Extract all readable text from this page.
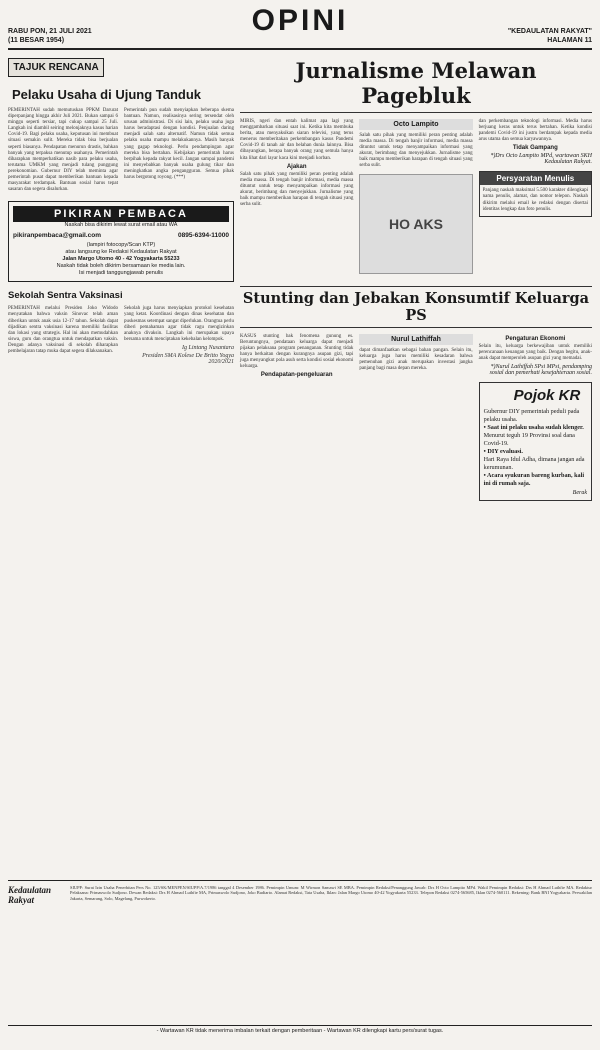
RABU PON, 21 JULI 2021
(11 BESAR 1954)
OPINI	"KEDAULATAN RAKYAT"
HALAMAN 11
TAJUK RENCANA
Pelaku Usaha di Ujung Tanduk
PEMERINTAH sudah memutuskan PPKM Darurat diperpanjang hingga akhir Juli 2021. Bukan sampai 6 minggu seperti tersiar, tapi cukup sampai 25 Juli. Langkah ini diambil seiring melonjaknya kasus harian Covid-19. Bagi pelaku usaha, keputusan ini membuat situasi semakin sulit. Mereka tidak bisa berjualan seperti biasanya. Pendapatan menurun drastis, bahkan banyak yang terpaksa menutup usahanya. Pemerintah diharapkan memperhatikan nasib para pelaku usaha, terutama UMKM yang menjadi tulang punggung perekonomian. Gubernur DIY telah meminta agar pemerintah pusat dapat memberikan bantuan kepada masyarakat terdampak. Bantuan sosial harus tepat sasaran dan segera disalurkan.
Pemerintah pun sudah menyiapkan beberapa skema bantuan. Namun, realisasinya sering tersendat oleh urusan administrasi. Di sisi lain, pelaku usaha juga harus beradaptasi dengan kondisi. Penjualan daring menjadi salah satu alternatif. Namun tidak semua pelaku usaha mampu melakukannya. Masih banyak yang gagap teknologi. Perlu pendampingan agar mereka bisa bertahan. Kebijakan pemerintah harus berpihak kepada rakyat kecil. Jangan sampai pandemi ini menyebabkan banyak usaha gulung tikar dan meningkatkan angka pengangguran. Semua pihak harus bergotong royong. (***)
PIKIRAN PEMBACA
Naskah bisa dikirim lewat surat email atau WA
pikiranpembaca@gmail.com	0895-6394-11000
(lampiri fotocopy/Scan KTP)
atau langsung ke Redaksi Kedaulatan Rakyat
Jalan Margo Utomo 40 - 42 Yogyakarta 55233
Naskah tidak boleh dikirim bersamaan ke media lain.
Isi menjadi tanggungjawab penulis
Sekolah Sentra Vaksinasi
PEMERINTAH melalui Presiden Joko Widodo menyatakan bahwa vaksin Sinovac telah aman diberikan untuk anak usia 12-17 tahun. Sekolah dapat dijadikan sentra vaksinasi karena memiliki fasilitas dan lokasi yang strategis. Hal ini akan memudahkan siswa, guru dan orangtua untuk mendapatkan vaksin. Dengan adanya vaksinasi di sekolah diharapkan pembelajaran tatap muka dapat segera dilaksanakan.
Sekolah juga harus menyiapkan protokol kesehatan yang ketat. Koordinasi dengan dinas kesehatan dan puskesmas setempat sangat diperlukan. Orangtua perlu diberi pemahaman agar tidak ragu mengizinkan anaknya divaksin. Langkah ini merupakan upaya bersama untuk menciptakan kekebalan kelompok.
Ig Lintang Nusantara
Presiden SMA Kolese De Britto Yogya 2020/2021
Jurnalisme Melawan Pagebluk
MIRIS, ngeri dan entah kalimat apa lagi yang menggambarkan situasi saat ini. Ketika kita membuka berita, atau menyaksikan siaran televisi, yang terus menerus memberitakan perkembangan kasus Pandemi Covid-19 di tanah air dan belahan dunia lainnya. Bisa dibayangkan, berapa banyak orang yang semula hanya kita lihat dari layar kaca kini menjadi korban.
Ajakan
Salah satu pihak yang memiliki peran penting adalah media massa. Di tengah banjir informasi, media massa dituntut untuk tetap menyampaikan informasi yang akurat, berimbang dan menyejukkan. Jurnalisme yang baik mampu memberikan harapan di tengah situasi yang serba sulit.
Octo Lampito
Salah satu pihak yang memiliki peran penting adalah media massa. Di tengah banjir informasi, media massa dituntut untuk tetap menyampaikan informasi yang akurat, berimbang dan menyejukkan. Jurnalisme yang baik mampu memberikan harapan di tengah situasi yang serba sulit.
HO AKS
dan perkembangan teknologi informasi. Media harus berjuang keras untuk terus bertahan. Ketika kondisi pandemi Covid-19 ini justru berdampak kepada media arus utama dan semua karyawannya.
Tidak Gampang
*)Drs Octo Lampito MPd, wartawan SKH Kedaulatan Rakyat.
Persyaratan Menulis
Panjang naskah maksimal 5.500 karakter dilengkapi nama penulis, alamat, dan nomor telepon. Naskah dikirim melalui email ke redaksi dengan disertai identitas lengkap dan foto penulis.
Stunting dan Jebakan Konsumtif Keluarga PS
KASUS stunting bak fenomena gunung es. Beruntungnya, pendataan keluarga dapat menjadi pijakan pelaksana program penanganan. Stunting tidak hanya berkaitan dengan kurangnya asupan gizi, tapi juga menyangkut pola asuh serta kondisi sosial ekonomi keluarga.
Pendapatan-pengeluaran
Nurul Lathiffah
dapat dimanfaatkan sebagai bahan pangan. Selain itu, keluarga juga harus memiliki kesadaran bahwa pemenuhan gizi anak merupakan investasi jangka panjang bagi masa depan mereka.
Pengaturan Ekonomi
Selain itu, keluarga berkewajiban untuk memiliki perencanaan keuangan yang baik. Dengan begitu, anak-anak dapat memperoleh asupan gizi yang memadai.
*)Nurul Lathiffah SPsi MPsi, pendamping sosial dan pemerhati kesejahteraan sosial.
Pojok KR
Gubernur DIY pemerintah peduli pada pelaku usaha.
• Saat ini pelaku usaha sudah klenger.
Menurut teguh 19 Provinsi soal dana Covid-19.
• DIY evaluasi.
Hari Raya Idul Adha, dimana jangan ada kerumunan.
• Acara syukuran bareng kurban, kali ini di rumah saja.
Berak
Kedaulatan Rakyat
SIUPP: Surat Izin Usaha Penerbitan Pers No. 125/SK/MENPEN/SIUPP/A.7/1986 tanggal 4 Desember 1986. Pemimpin Umum: M Wirmon Samawi SE MBA. Pemimpin Redaksi/Penanggung Jawab: Drs H Octo Lampito MPd. Wakil Pemimpin Redaksi: Drs H Ahmad Luthfie MA. Redaktur Pelaksana: Primaswolo Sudjono. Dewan Redaksi: Drs H Ahmad Luthfie MA, Primaswolo Sudjono, Joko Budiarto. Alamat Redaksi, Tata Usaha, Iklan: Jalan Margo Utomo 40-42 Yogyakarta 55233. Telepon Redaksi 0274-565685, Iklan 0274-560111. Rekening: Bank BNI Yogyakarta. Perwakilan Jakarta, Semarang, Solo, Magelang, Purwokerto.
- Wartawan KR tidak menerima imbalan terkait dengan pemberitaan - Wartawan KR dilengkapi kartu pers/surat tugas.
